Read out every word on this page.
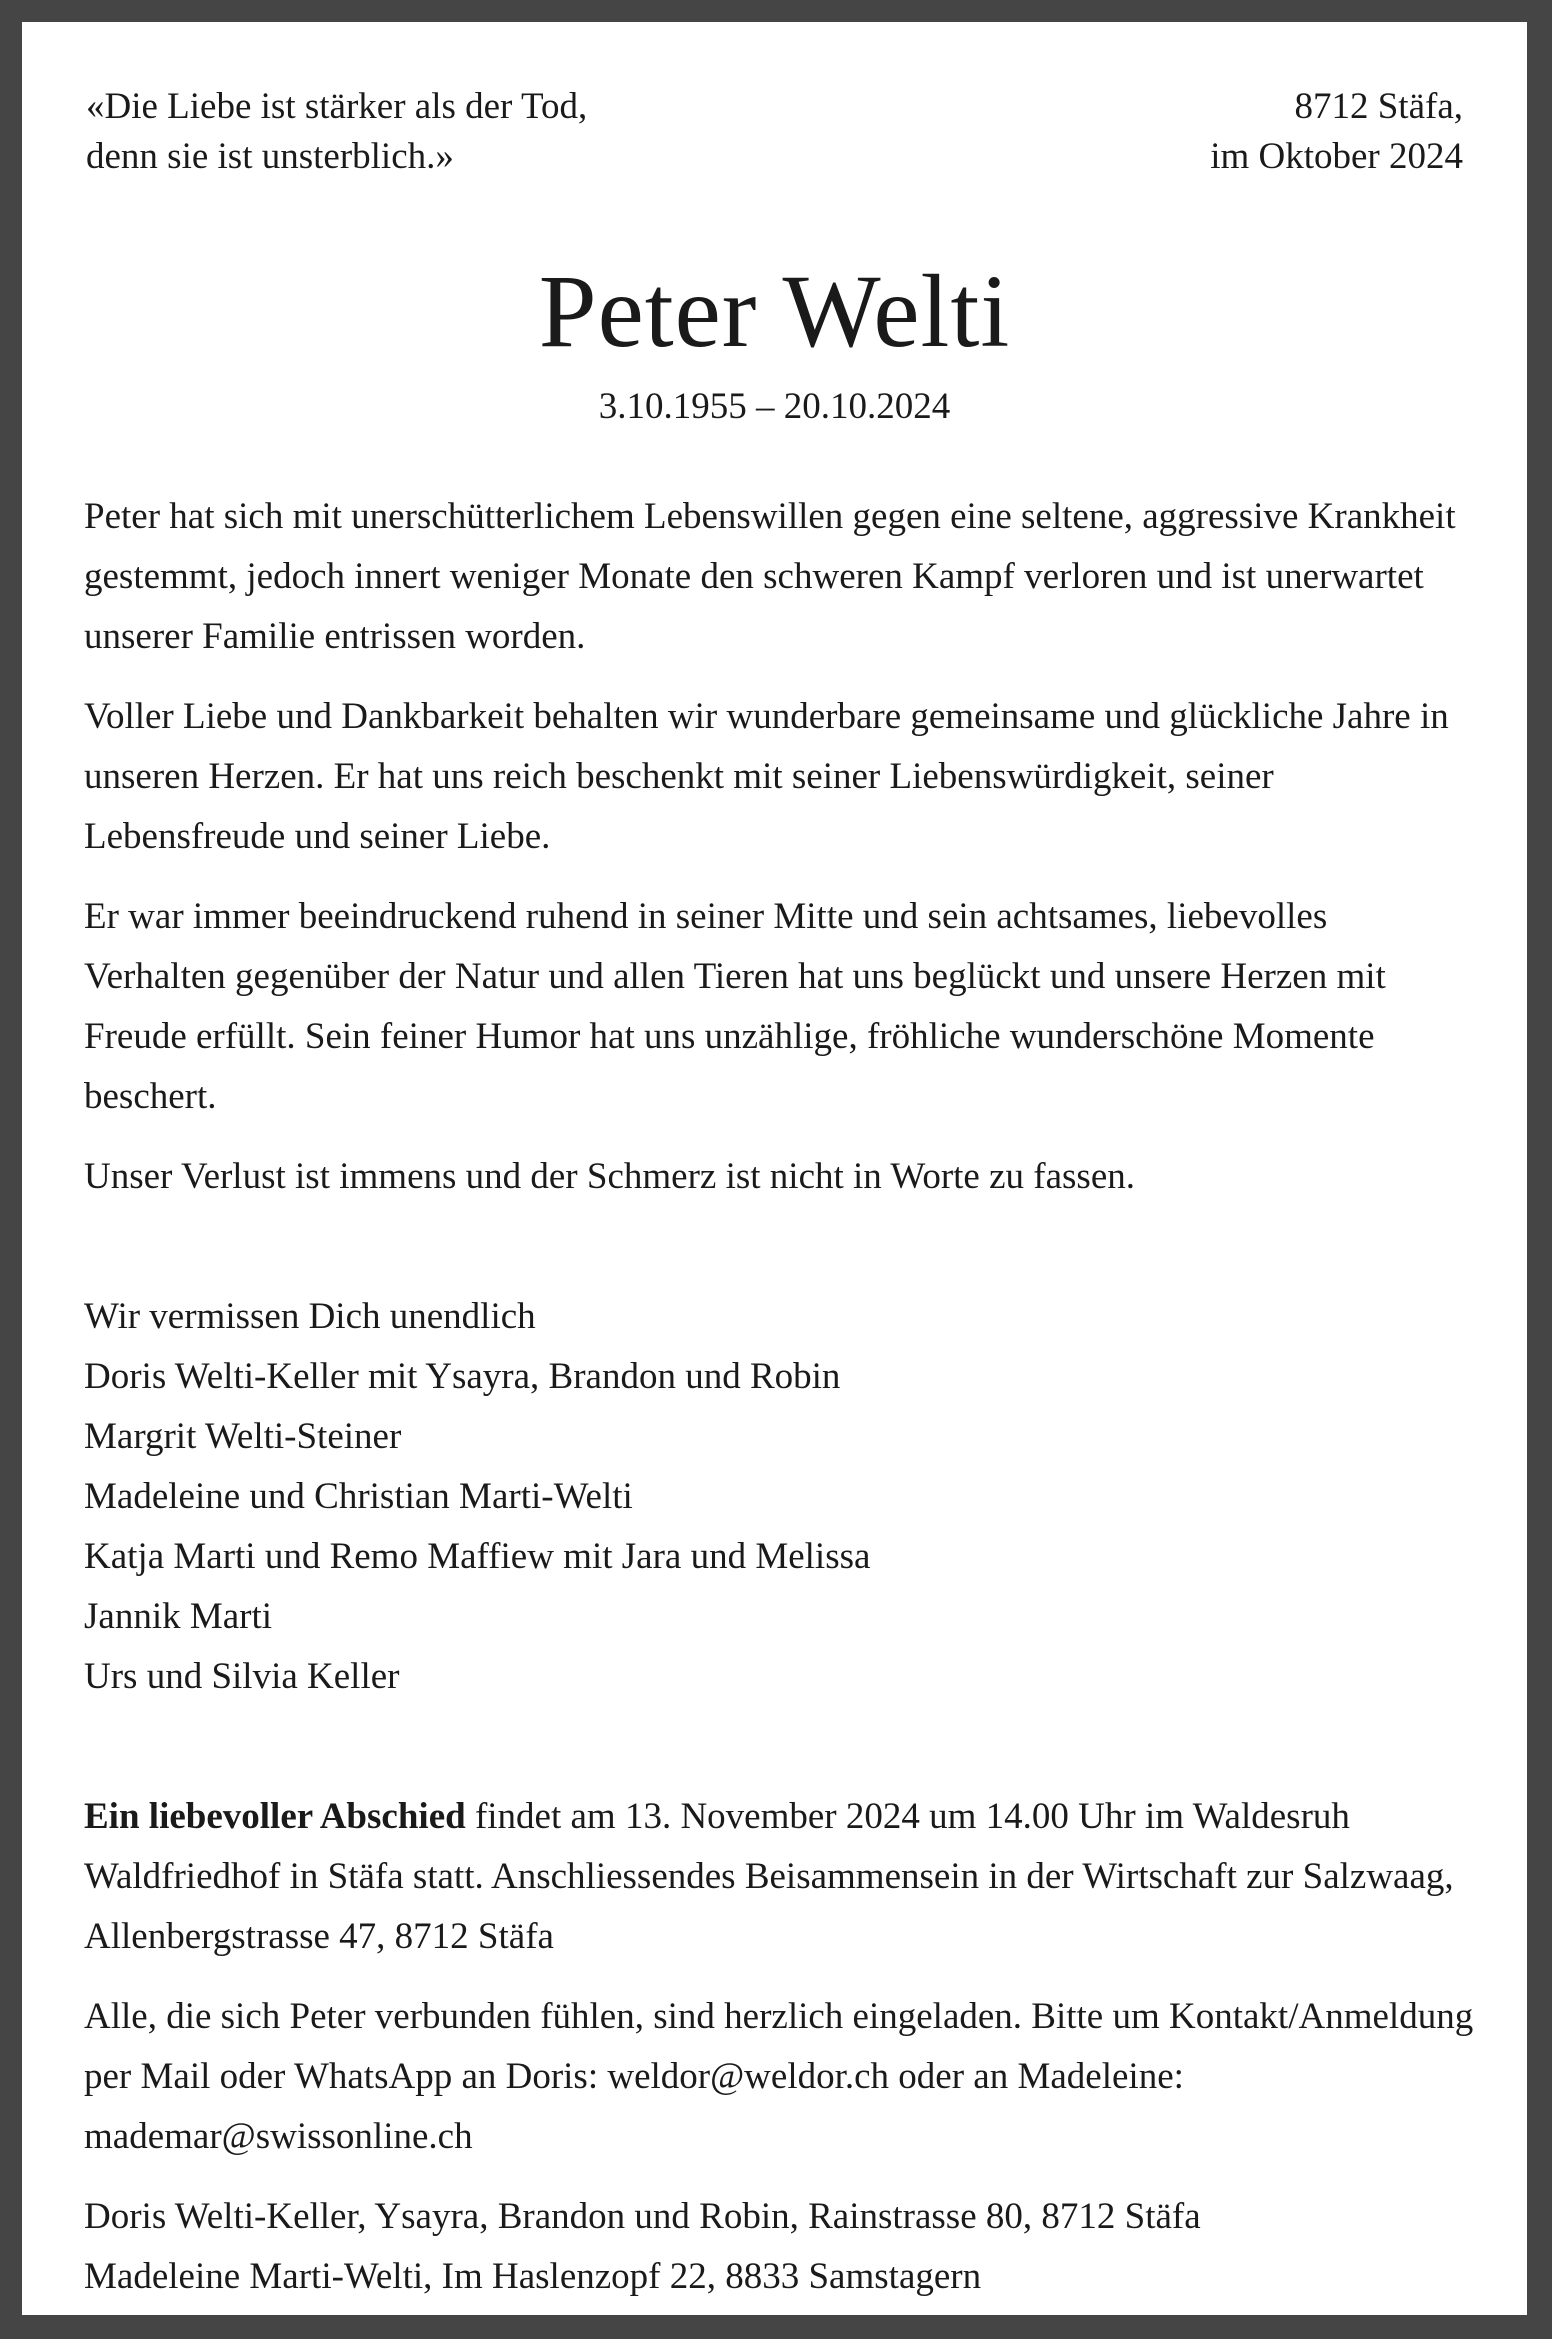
«Die Liebe ist stärker als der Tod,
denn sie ist unsterblich.»
8712 Stäfa,
im Oktober 2024
Peter Welti
3.10.1955 – 20.10.2024

Peter hat sich mit unerschütterlichem Lebenswillen gegen eine seltene, aggressive Krankheit gestemmt, jedoch innert weniger Monate den schweren Kampf verloren und ist unerwartet unserer Familie entrissen worden.

Voller Liebe und Dankbarkeit behalten wir wunderbare gemeinsame und glückliche Jahre in unseren Herzen. Er hat uns reich beschenkt mit seiner Liebenswürdigkeit, seiner Lebensfreude und seiner Liebe.

Er war immer beeindruckend ruhend in seiner Mitte und sein achtsames, liebevolles Verhalten gegenüber der Natur und allen Tieren hat uns beglückt und unsere Herzen mit Freude erfüllt. Sein feiner Humor hat uns unzählige, fröhliche wunderschöne Momente beschert.

Unser Verlust ist immens und der Schmerz ist nicht in Worte zu fassen.

Wir vermissen Dich unendlich
Doris Welti-Keller mit Ysayra, Brandon und Robin
Margrit Welti-Steiner
Madeleine und Christian Marti-Welti
Katja Marti und Remo Maffiew mit Jara und Melissa
Jannik Marti
Urs und Silvia Keller

Ein liebevoller Abschied findet am 13. November 2024 um 14.00 Uhr im Waldesruh Waldfriedhof in Stäfa statt. Anschliessendes Beisammensein in der Wirtschaft zur Salzwaag, Allenbergstrasse 47, 8712 Stäfa

Alle, die sich Peter verbunden fühlen, sind herzlich eingeladen. Bitte um Kontakt/Anmeldung per Mail oder WhatsApp an Doris: weldor@weldor.ch oder an Madeleine: mademar@swissonline.ch

Doris Welti-Keller, Ysayra, Brandon und Robin, Rainstrasse 80, 8712 Stäfa
Madeleine Marti-Welti, Im Haslenzopf 22, 8833 Samstagern
